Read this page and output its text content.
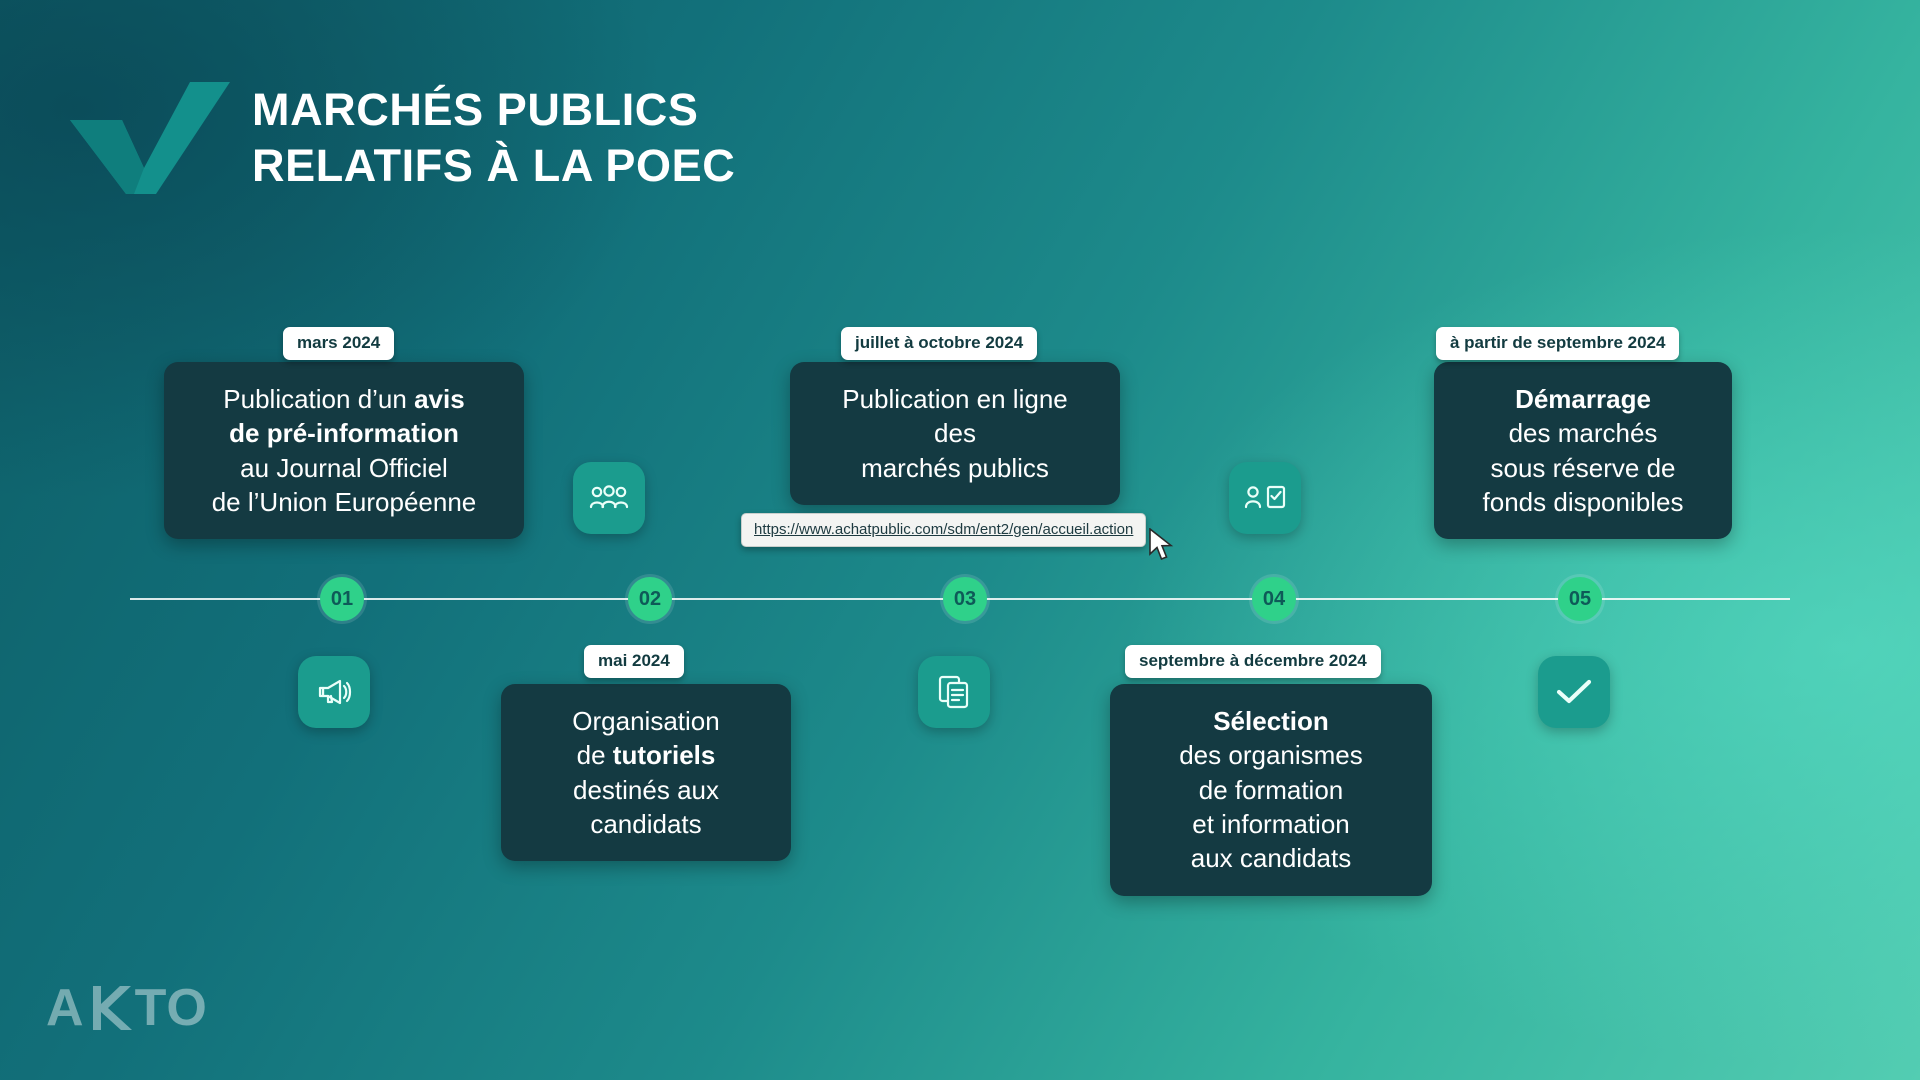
MARCHÉS PUBLICS
RELATIFS À LA POEC
mars 2024
Publication d’un avis
de pré-information
au Journal Officiel
de l’Union Européenne
01	02
mai 2024
Organisation
de tutoriels
destinés aux
candidats
juillet à octobre 2024
Publication en ligne
des
marchés publics
https://www.achatpublic.com/sdm/ent2/gen/accueil.action
03	04
septembre à décembre 2024
Sélection
des organismes
de formation
et information
aux candidats
à partir de septembre 2024
Démarrage
des marchés
sous réserve de
fonds disponibles
05
A TO
